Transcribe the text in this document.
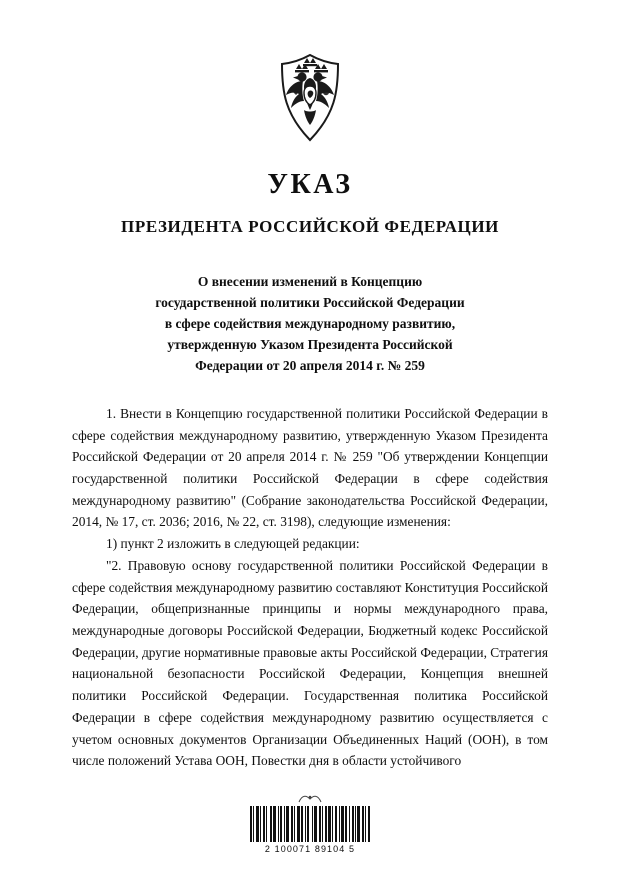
УКАЗ
ПРЕЗИДЕНТА РОССИЙСКОЙ ФЕДЕРАЦИИ
О внесении изменений в Концепцию
государственной политики Российской Федерации
в сфере содействия международному развитию,
утвержденную Указом Президента Российской
Федерации от 20 апреля 2014 г. № 259

1. Внести в Концепцию государственной политики Российской Федерации в сфере содействия международному развитию, утвержденную Указом Президента Российской Федерации от 20 апреля 2014 г. № 259 "Об утверждении Концепции государственной политики Российской Федерации в сфере содействия международному развитию" (Собрание законодательства Российской Федерации, 2014, № 17, ст. 2036; 2016, № 22, ст. 3198), следующие изменения:

1) пункт 2 изложить в следующей редакции:

"2. Правовую основу государственной политики Российской Федерации в сфере содействия международному развитию составляют Конституция Российской Федерации, общепризнанные принципы и нормы международного права, международные договоры Российской Федерации, Бюджетный кодекс Российской Федерации, другие нормативные правовые акты Российской Федерации, Стратегия национальной безопасности Российской Федерации, Концепция внешней политики Российской Федерации. Государственная политика Российской Федерации в сфере содействия международному развитию осуществляется с учетом основных документов Организации Объединенных Наций (ООН), в том числе положений Устава ООН, Повестки дня в области устойчивого

2 100071 89104 5
